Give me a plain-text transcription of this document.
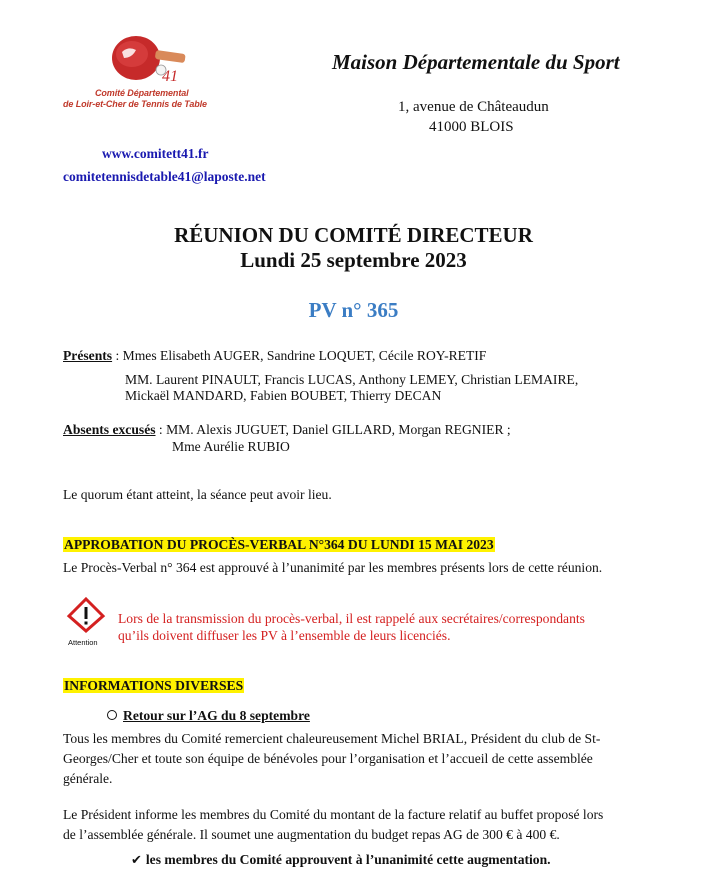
41
Comité Départemental
de Loir-et-Cher de Tennis de Table
Maison Départementale du Sport
1, avenue de Châteaudun
41000 BLOIS
www.comitett41.fr
comitetennisdetable41@laposte.net
RÉUNION DU COMITÉ DIRECTEUR
Lundi 25 septembre 2023
PV n° 365
Présents : Mmes Elisabeth AUGER, Sandrine LOQUET, Cécile ROY-RETIF
MM. Laurent PINAULT, Francis LUCAS, Anthony LEMEY, Christian LEMAIRE,
Mickaël MANDARD, Fabien BOUBET, Thierry DECAN
Absents excusés : MM. Alexis JUGUET, Daniel GILLARD, Morgan REGNIER ;
Mme Aurélie RUBIO
Le quorum étant atteint, la séance peut avoir lieu.
APPROBATION DU PROCÈS-VERBAL N°364 DU LUNDI 15 MAI 2023
Le Procès-Verbal n° 364 est approuvé à l’unanimité par les membres présents lors de cette réunion.
Attention
Lors de la transmission du procès-verbal, il est rappelé aux secrétaires/correspondants
qu’ils doivent diffuser les PV à l’ensemble de leurs licenciés.
INFORMATIONS DIVERSES
Retour sur l’AG du 8 septembre
Tous les membres du Comité remercient chaleureusement Michel BRIAL, Président du club de St-
Georges/Cher et toute son équipe de bénévoles pour l’organisation et l’accueil de cette assemblée
générale.
Le Président informe les membres du Comité du montant de la facture relatif au buffet proposé lors
de l’assemblée générale. Il soumet une augmentation du budget repas AG de 300 € à 400 €.
✔ les membres du Comité approuvent à l’unanimité cette augmentation.
